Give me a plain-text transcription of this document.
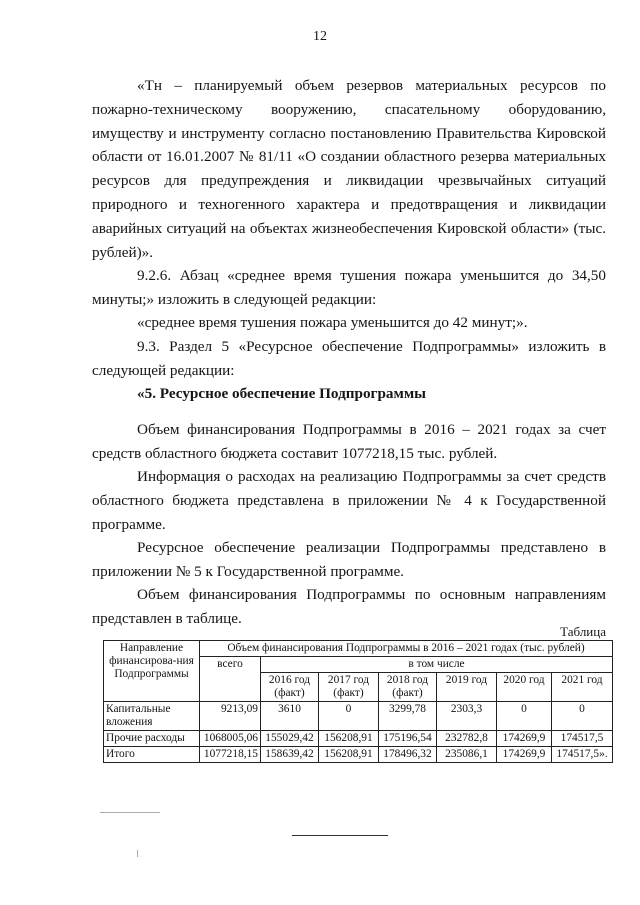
12

«Тн – планируемый объем резервов материальных ресурсов по пожарно-техническому вооружению, спасательному оборудованию, имуществу и инструменту согласно постановлению Правительства Кировской области от 16.01.2007 № 81/11 «О создании областного резерва материальных ресурсов для предупреждения и ликвидации чрезвычайных ситуаций природного и техногенного характера и предотвращения и ликвидации аварийных ситуаций на объектах жизнеобеспечения Кировской области» (тыс. рублей)».

9.2.6. Абзац «среднее время тушения пожара уменьшится до 34,50 минуты;» изложить в следующей редакции:

«среднее время тушения пожара уменьшится до 42 минут;».

9.3. Раздел 5 «Ресурсное обеспечение Подпрограммы» изложить в следующей редакции:

«5. Ресурсное обеспечение Подпрограммы

Объем финансирования Подпрограммы в 2016 – 2021 годах за счет средств областного бюджета составит 1077218,15 тыс. рублей.

Информация о расходах на реализацию Подпрограммы за счет средств областного бюджета представлена в приложении № 4 к Государственной программе.

Ресурсное обеспечение реализации Подпрограммы представлено в приложении № 5 к Государственной программе.

Объем финансирования Подпрограммы по основным направлениям представлен в таблице.

Таблица
Направление финансирова-ния Подпрограммы	Объем финансирования Подпрограммы в 2016 – 2021 годах (тыс. рублей)						
	всего	в том числе					
		2016 год (факт)	2017 год (факт)	2018 год (факт)	2019 год	2020 год	2021 год
Капитальные вложения	9213,09	3610	0	3299,78	2303,3	0	0
Прочие расходы	1068005,06	155029,42	156208,91	175196,54	232782,8	174269,9	174517,5
Итого	1077218,15	158639,42	156208,91	178496,32	235086,1	174269,9	174517,5».
